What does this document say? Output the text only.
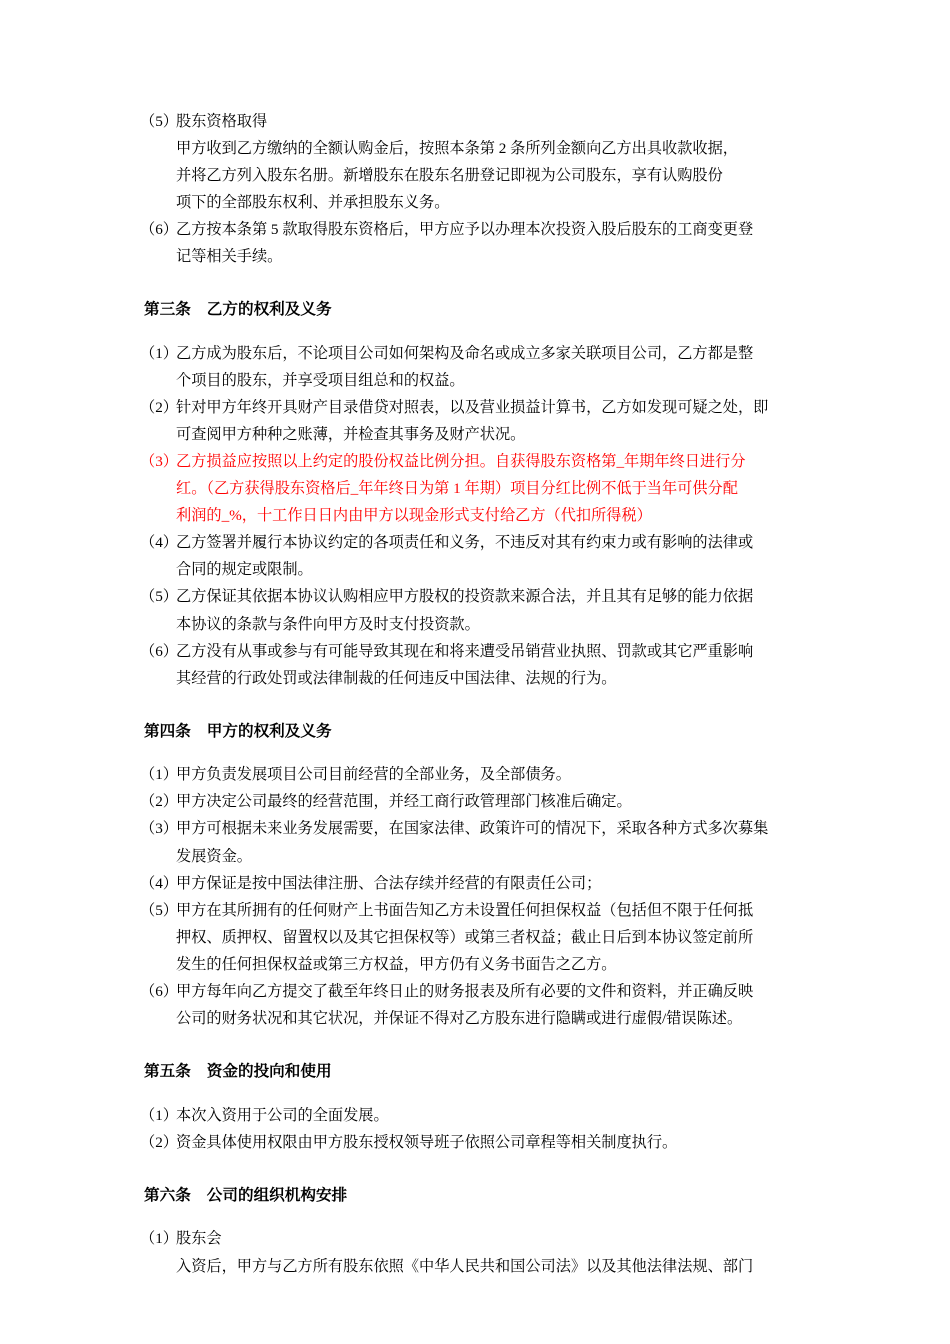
（5）
股东资格取得
甲方收到乙方缴纳的全额认购金后，按照本条第 2 条所列金额向乙方出具收款收据，
并将乙方列入股东名册。新增股东在股东名册登记即视为公司股东，享有认购股份
项下的全部股东权利、并承担股东义务。
（6）
乙方按本条第 5 款取得股东资格后，甲方应予以办理本次投资入股后股东的工商变更登
记等相关手续。
第三条 乙方的权利及义务
（1）
乙方成为股东后，不论项目公司如何架构及命名或成立多家关联项目公司，乙方都是整
个项目的股东，并享受项目组总和的权益。
（2）
针对甲方年终开具财产目录借贷对照表，以及营业损益计算书，乙方如发现可疑之处，即
可查阅甲方种种之账薄，并检查其事务及财产状况。
（3）
乙方损益应按照以上约定的股份权益比例分担。自获得股东资格第_年期年终日进行分
红。（乙方获得股东资格后_年年终日为第 1 年期）项目分红比例不低于当年可供分配
利润的_%，十工作日日内由甲方以现金形式支付给乙方（代扣所得税）
（4）
乙方签署并履行本协议约定的各项责任和义务，不违反对其有约束力或有影响的法律或
合同的规定或限制。
（5）
乙方保证其依据本协议认购相应甲方股权的投资款来源合法，并且其有足够的能力依据
本协议的条款与条件向甲方及时支付投资款。
（6）
乙方没有从事或参与有可能导致其现在和将来遭受吊销营业执照、罚款或其它严重影响
其经营的行政处罚或法律制裁的任何违反中国法律、法规的行为。
第四条 甲方的权利及义务
（1）
甲方负责发展项目公司目前经营的全部业务，及全部债务。
（2）
甲方决定公司最终的经营范围，并经工商行政管理部门核准后确定。
（3）
甲方可根据未来业务发展需要，在国家法律、政策许可的情况下，采取各种方式多次募集
发展资金。
（4）
甲方保证是按中国法律注册、合法存续并经营的有限责任公司；
（5）
甲方在其所拥有的任何财产上书面告知乙方未设置任何担保权益（包括但不限于任何抵
押权、质押权、留置权以及其它担保权等）或第三者权益；截止日后到本协议签定前所
发生的任何担保权益或第三方权益，甲方仍有义务书面告之乙方。
（6）
甲方每年向乙方提交了截至年终日止的财务报表及所有必要的文件和资料，并正确反映
公司的财务状况和其它状况，并保证不得对乙方股东进行隐瞒或进行虚假/错误陈述。
第五条 资金的投向和使用
（1）
本次入资用于公司的全面发展。
（2）
资金具体使用权限由甲方股东授权领导班子依照公司章程等相关制度执行。
第六条 公司的组织机构安排
（1）
股东会
入资后，甲方与乙方所有股东依照《中华人民共和国公司法》以及其他法律法规、部门
